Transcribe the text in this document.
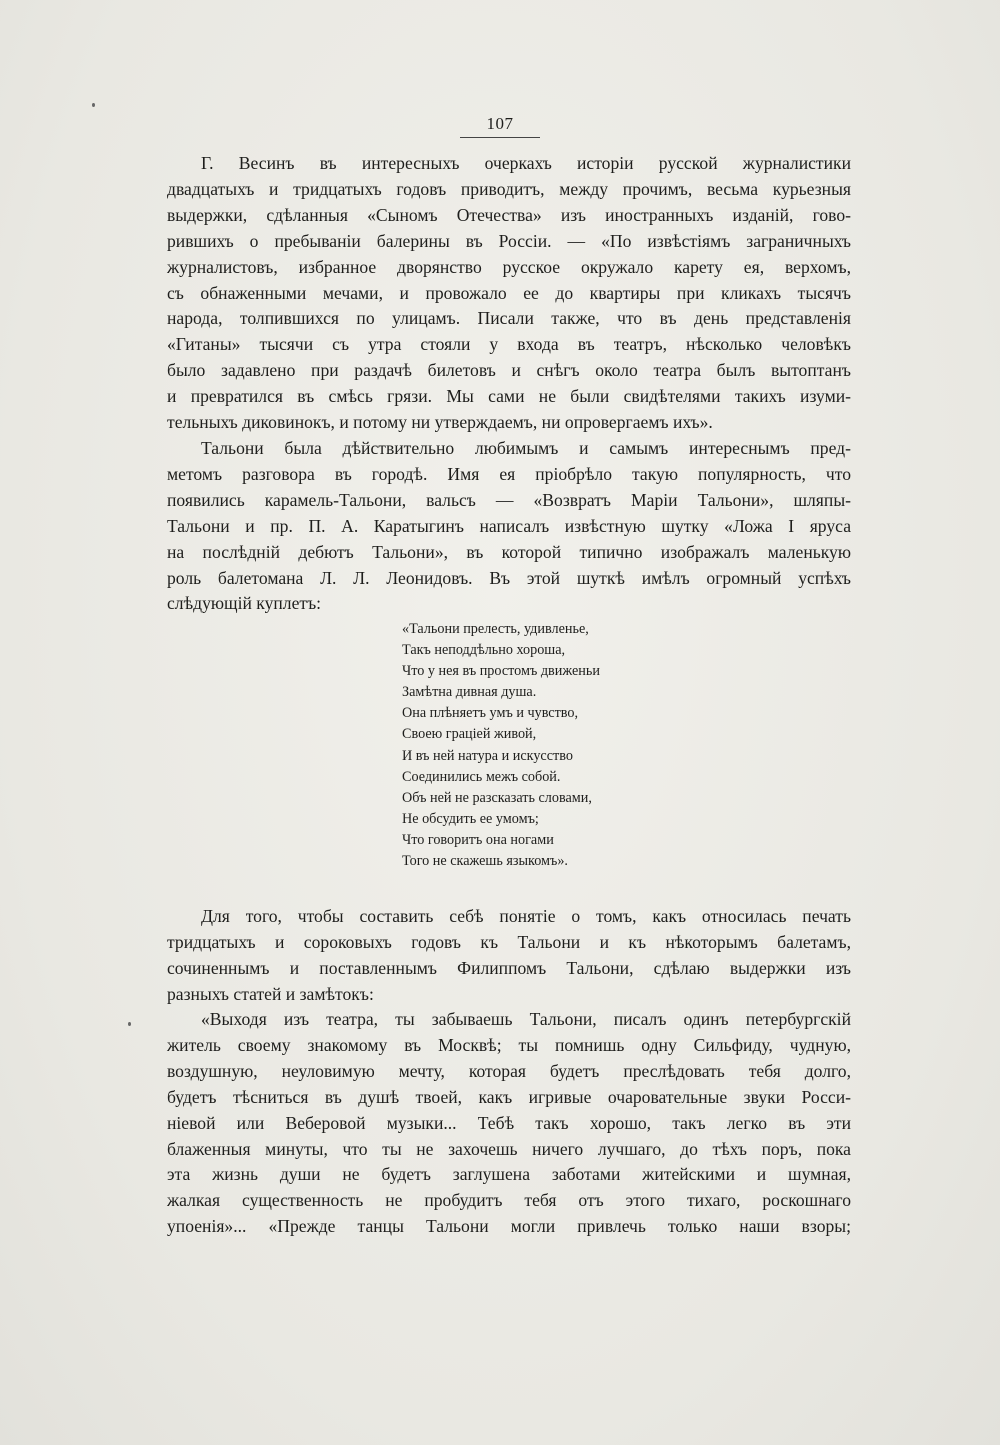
107
Г. Весинъ въ интересныхъ очеркахъ исторіи русской журналистики
двадцатыхъ и тридцатыхъ годовъ приводитъ, между прочимъ, весьма курьезныя
выдержки, сдѣланныя «Сыномъ Отечества» изъ иностранныхъ изданій, гово-
рившихъ о пребываніи балерины въ Россіи. — «По извѣстіямъ заграничныхъ
журналистовъ, избранное дворянство русское окружало карету ея, верхомъ,
съ обнаженными мечами, и провожало ее до квартиры при кликахъ тысячъ
народа, толпившихся по улицамъ. Писали также, что въ день представленія
«Гитаны» тысячи съ утра стояли у входа въ театръ, нѣсколько человѣкъ
было задавлено при раздачѣ билетовъ и снѣгъ около театра былъ вытоптанъ
и превратился въ смѣсь грязи. Мы сами не были свидѣтелями такихъ изуми-
тельныхъ диковинокъ, и потому ни утверждаемъ, ни опровергаемъ ихъ».
Тальони была дѣйствительно любимымъ и самымъ интереснымъ пред-
метомъ разговора въ городѣ. Имя ея пріобрѣло такую популярность, что
появились карамель-Тальони, вальсъ — «Возвратъ Маріи Тальони», шляпы-
Тальони и пр. П. А. Каратыгинъ написалъ извѣстную шутку «Ложа I яруса
на послѣдній дебютъ Тальони», въ которой типично изображалъ маленькую
роль балетомана Л. Л. Леонидовъ. Въ этой шуткѣ имѣлъ огромный успѣхъ
слѣдующій куплетъ:
«Тальони прелесть, удивленье,
Такъ неподдѣльно хороша,
Что у нея въ простомъ движеньи
Замѣтна дивная душа.
Она плѣняетъ умъ и чувство,
Своею граціей живой,
И въ ней натура и искусство
Соединились межъ собой.
Объ ней не разсказать словами,
Не обсудить ее умомъ;
Что говоритъ она ногами
Того не скажешь языкомъ».
Для того, чтобы составить себѣ понятіе о томъ, какъ относилась печать
тридцатыхъ и сороковыхъ годовъ къ Тальони и къ нѣкоторымъ балетамъ,
сочиненнымъ и поставленнымъ Филиппомъ Тальони, сдѣлаю выдержки изъ
разныхъ статей и замѣтокъ:
«Выходя изъ театра, ты забываешь Тальони, писалъ одинъ петербургскій
житель своему знакомому въ Москвѣ; ты помнишь одну Сильфиду, чудную,
воздушную, неуловимую мечту, которая будетъ преслѣдовать тебя долго,
будетъ тѣсниться въ душѣ твоей, какъ игривые очаровательные звуки Росси-
ніевой или Веберовой музыки... Тебѣ такъ хорошо, такъ легко въ эти
блаженныя минуты, что ты не захочешь ничего лучшаго, до тѣхъ поръ, пока
эта жизнь души не будетъ заглушена заботами житейскими и шумная,
жалкая существенность не пробудитъ тебя отъ этого тихаго, роскошнаго
упоенія»... «Прежде танцы Тальони могли привлечь только наши взоры;
